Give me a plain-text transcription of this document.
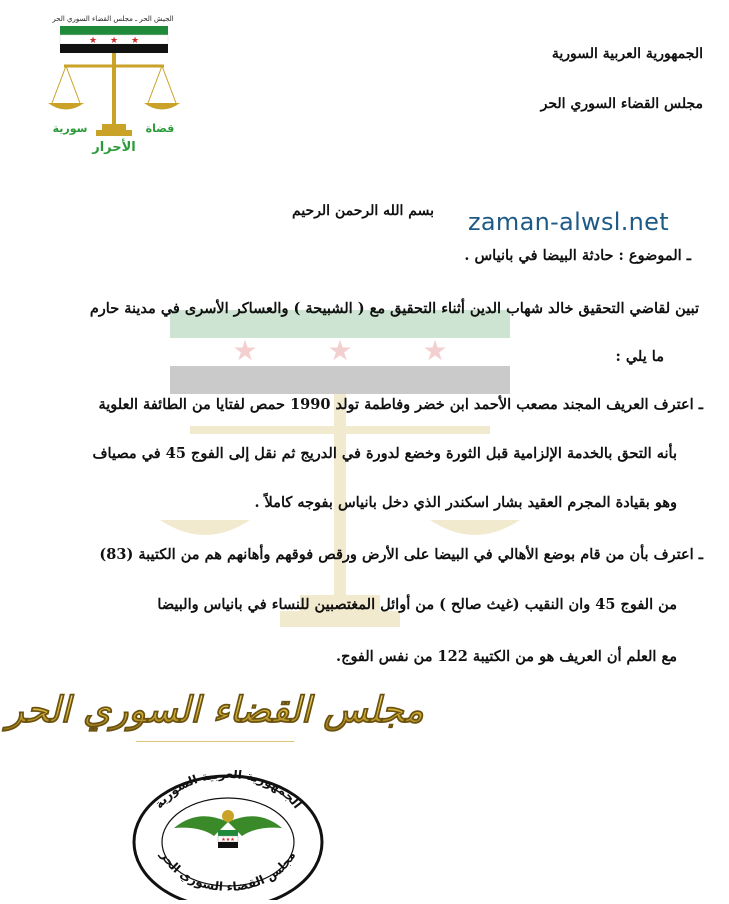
الجيش الحر ـ مجلس القضاء السوري الحر
★ ★ ★
سورية	قضاة
الأحرار
الجمهورية العربية السورية
مجلس القضاء السوري الحر
★ ★ ★
بسم الله الرحمن الرحيم zaman-alwsl.net
ـ الموضوع : حادثة البيضا في بانياس .
تبين لقاضي التحقيق خالد شهاب الدين أثناء التحقيق مع ( الشبيحة ) والعساكر الأسرى في مدينة حارم
ما يلي :
ـ اعترف العريف المجند مصعب الأحمد ابن خضر وفاطمة تولد 1990 حمص لفتايا من الطائفة العلوية
بأنه التحق بالخدمة الإلزامية قبل الثورة وخضع لدورة في الدريج ثم نقل إلى الفوج 45 في مصياف
وهو بقيادة المجرم العقيد بشار اسكندر الذي دخل بانياس بفوجه كاملاً .
ـ اعترف بأن من قام بوضع الأهالي في البيضا على الأرض ورقص فوقهم وأهانهم هم من الكتيبة (83)
من الفوج 45 وان النقيب (غيث صالح ) من أوائل المغتصبين للنساء في بانياس والبيضا
مع العلم أن العريف هو من الكتيبة 122 من نفس الفوج.
مجلس القضاء السوري الحر
ـــــــــــــــــــــــــــــــــــــــــــــ
الجمهورية العربية السورية
مجلس القضاء السوري الحر
★★★
